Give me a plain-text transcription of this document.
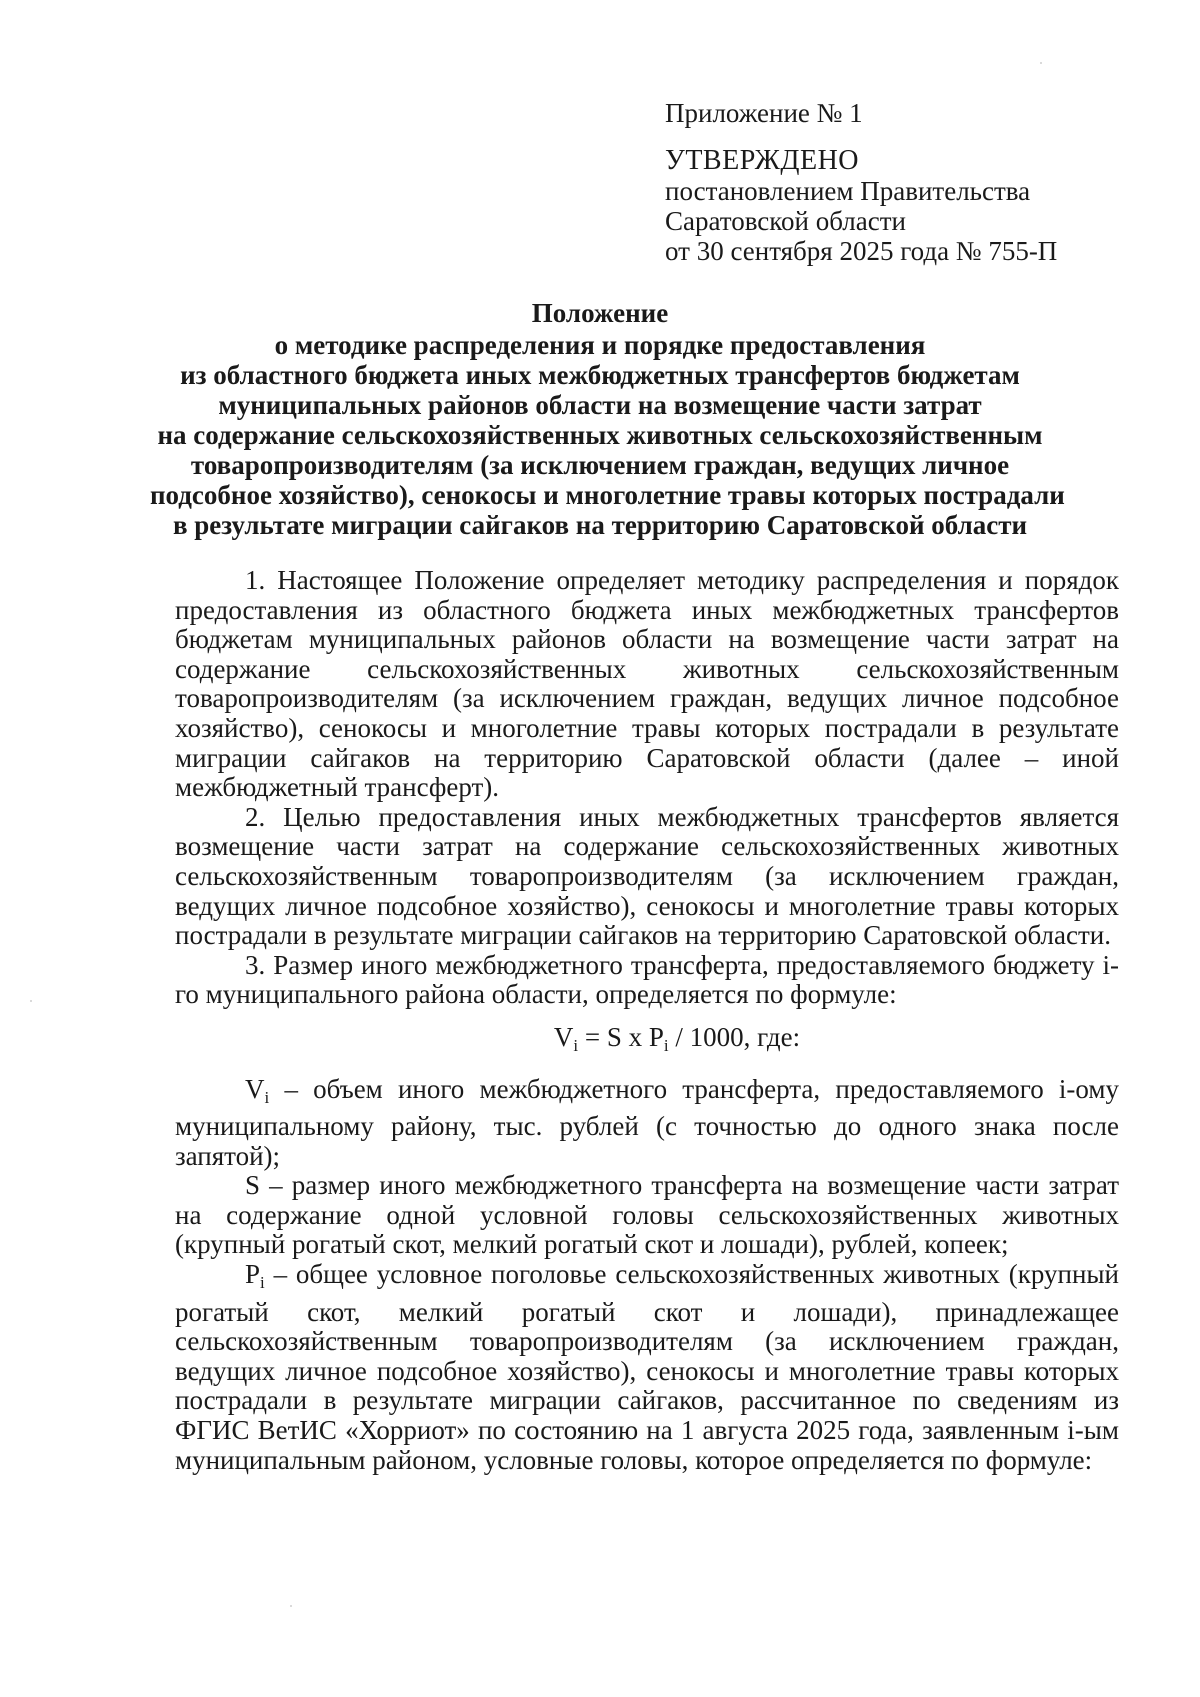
Приложение № 1
УТВЕРЖДЕНО
постановлением Правительства
Саратовской области
от 30 сентября 2025 года № 755-П
Положение
о методике распределения и порядке предоставления
из областного бюджета иных межбюджетных трансфертов бюджетам
муниципальных районов области на возмещение части затрат
на содержание сельскохозяйственных животных сельскохозяйственным
товаропроизводителям (за исключением граждан, ведущих личное
подсобное хозяйство), сенокосы и многолетние травы которых пострадали
в результате миграции сайгаков на территорию Саратовской области

1. Настоящее Положение определяет методику распределения и порядок предоставления из областного бюджета иных межбюджетных трансфертов бюджетам муниципальных районов области на возмещение части затрат на содержание сельскохозяйственных животных сельскохозяйственным товаропроизводителям (за исключением граждан, ведущих личное подсобное хозяйство), сенокосы и многолетние травы которых пострадали в результате миграции сайгаков на территорию Саратовской области (далее – иной межбюджетный трансферт).

2. Целью предоставления иных межбюджетных трансфертов является возмещение части затрат на содержание сельскохозяйственных животных сельскохозяйственным товаропроизводителям (за исключением граждан, ведущих личное подсобное хозяйство), сенокосы и многолетние травы которых пострадали в результате миграции сайгаков на территорию Саратовской области.

3. Размер иного межбюджетного трансферта, предоставляемого бюджету i-го муниципального района области, определяется по формуле:

$V_i = S$ x $P_i / 1000$, где:

$V_i$ – объем иного межбюджетного трансферта, предоставляемого i-ому муниципальному району, тыс. рублей (с точностью до одного знака после запятой);

S – размер иного межбюджетного трансферта на возмещение части затрат на содержание одной условной головы сельскохозяйственных животных (крупный рогатый скот, мелкий рогатый скот и лошади), рублей, копеек;

$P_i$ – общее условное поголовье сельскохозяйственных животных (крупный рогатый скот, мелкий рогатый скот и лошади), принадлежащее сельскохозяйственным товаропроизводителям (за исключением граждан, ведущих личное подсобное хозяйство), сенокосы и многолетние травы которых пострадали в результате миграции сайгаков, рассчитанное по сведениям из ФГИС ВетИС «Хорриот» по состоянию на 1 августа 2025 года, заявленным i-ым муниципальным районом, условные головы, которое определяется по формуле:
